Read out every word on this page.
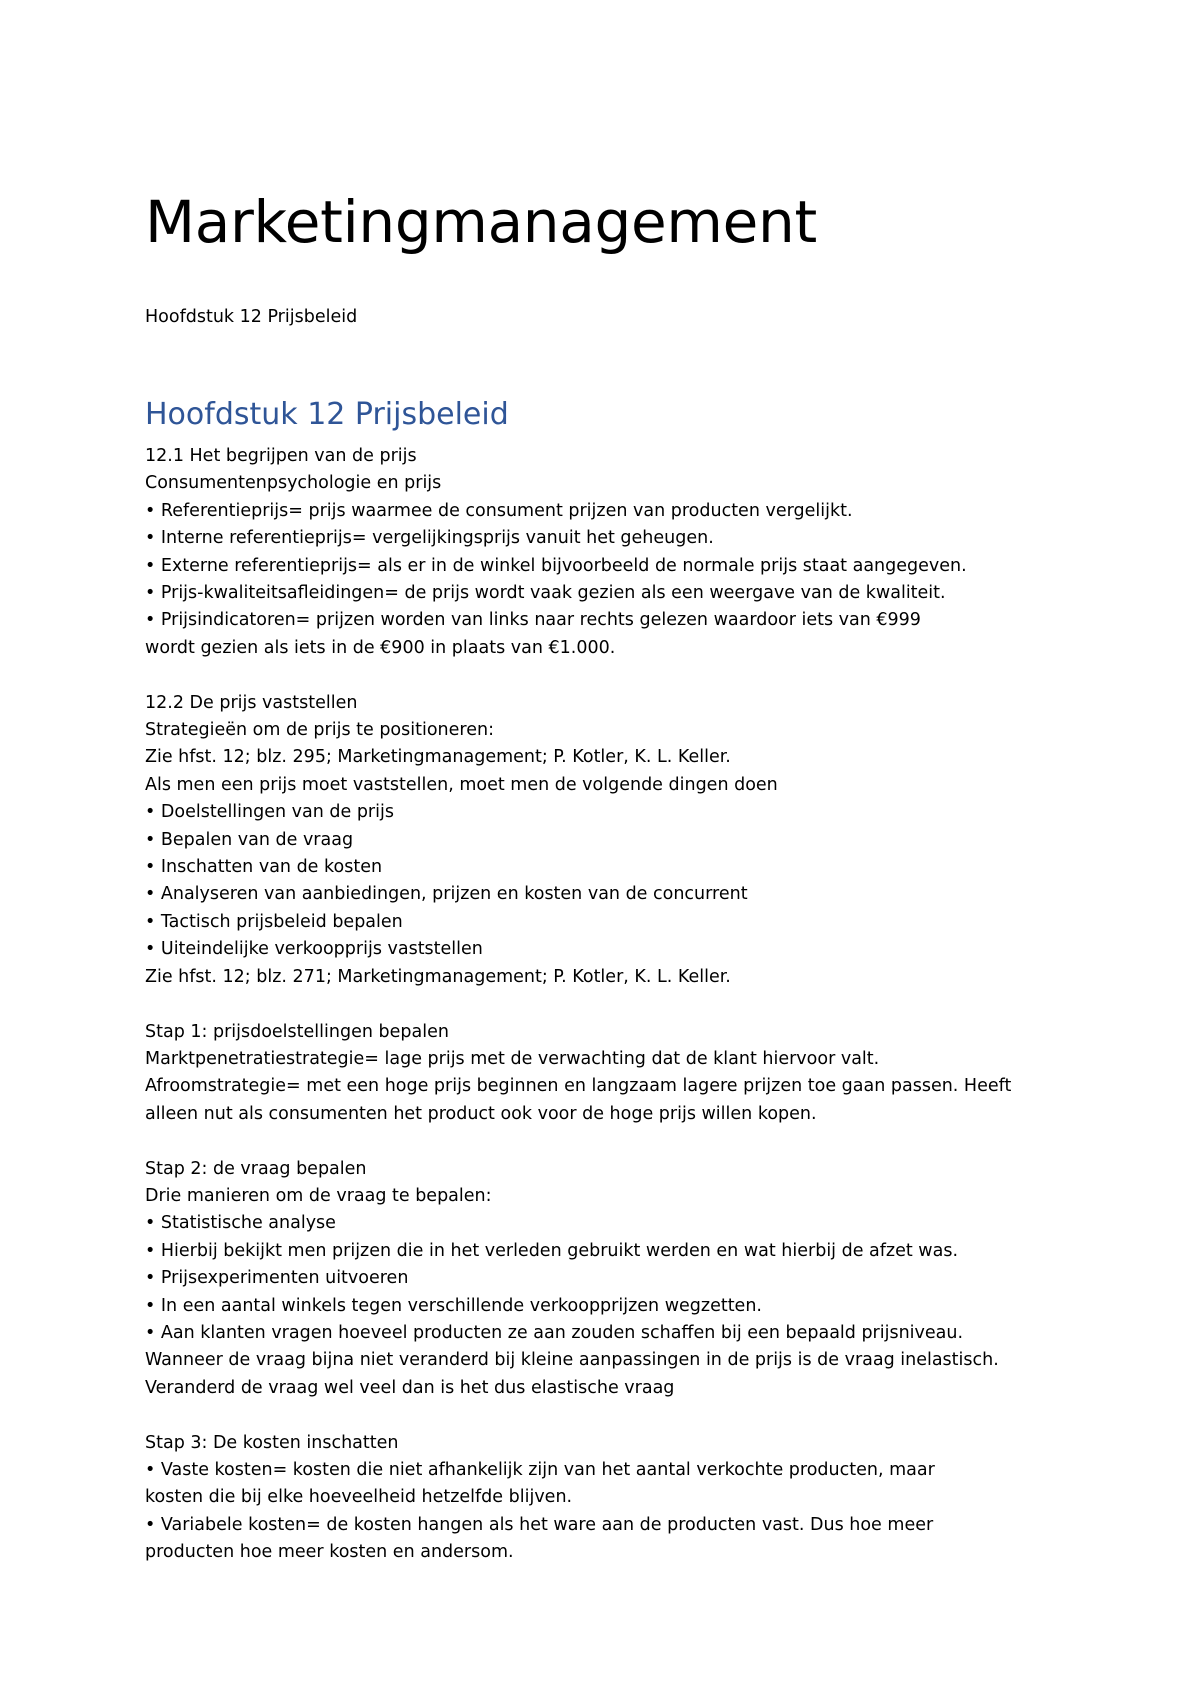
Marketingmanagement

Hoofdstuk 12 Prijsbeleid

Hoofdstuk 12 Prijsbeleid

12.1 Het begrijpen van de prijs

Consumentenpsychologie en prijs

• Referentieprijs= prijs waarmee de consument prijzen van producten vergelijkt.

• Interne referentieprijs= vergelijkingsprijs vanuit het geheugen.

• Externe referentieprijs= als er in de winkel bijvoorbeeld de normale prijs staat aangegeven.

• Prijs-kwaliteitsafleidingen= de prijs wordt vaak gezien als een weergave van de kwaliteit.

• Prijsindicatoren= prijzen worden van links naar rechts gelezen waardoor iets van €999

wordt gezien als iets in de €900 in plaats van €1.000.

12.2 De prijs vaststellen

Strategieën om de prijs te positioneren:

Zie hfst. 12; blz. 295; Marketingmanagement; P. Kotler, K. L. Keller.

Als men een prijs moet vaststellen, moet men de volgende dingen doen

• Doelstellingen van de prijs

• Bepalen van de vraag

• Inschatten van de kosten

• Analyseren van aanbiedingen, prijzen en kosten van de concurrent

• Tactisch prijsbeleid bepalen

• Uiteindelijke verkoopprijs vaststellen

Zie hfst. 12; blz. 271; Marketingmanagement; P. Kotler, K. L. Keller.

Stap 1: prijsdoelstellingen bepalen

Marktpenetratiestrategie= lage prijs met de verwachting dat de klant hiervoor valt.

Afroomstrategie= met een hoge prijs beginnen en langzaam lagere prijzen toe gaan passen. Heeft

alleen nut als consumenten het product ook voor de hoge prijs willen kopen.

Stap 2: de vraag bepalen

Drie manieren om de vraag te bepalen:

• Statistische analyse

• Hierbij bekijkt men prijzen die in het verleden gebruikt werden en wat hierbij de afzet was.

• Prijsexperimenten uitvoeren

• In een aantal winkels tegen verschillende verkoopprijzen wegzetten.

• Aan klanten vragen hoeveel producten ze aan zouden schaffen bij een bepaald prijsniveau.

Wanneer de vraag bijna niet veranderd bij kleine aanpassingen in de prijs is de vraag inelastisch.

Veranderd de vraag wel veel dan is het dus elastische vraag

Stap 3: De kosten inschatten

• Vaste kosten= kosten die niet afhankelijk zijn van het aantal verkochte producten, maar

kosten die bij elke hoeveelheid hetzelfde blijven.

• Variabele kosten= de kosten hangen als het ware aan de producten vast. Dus hoe meer

producten hoe meer kosten en andersom.
